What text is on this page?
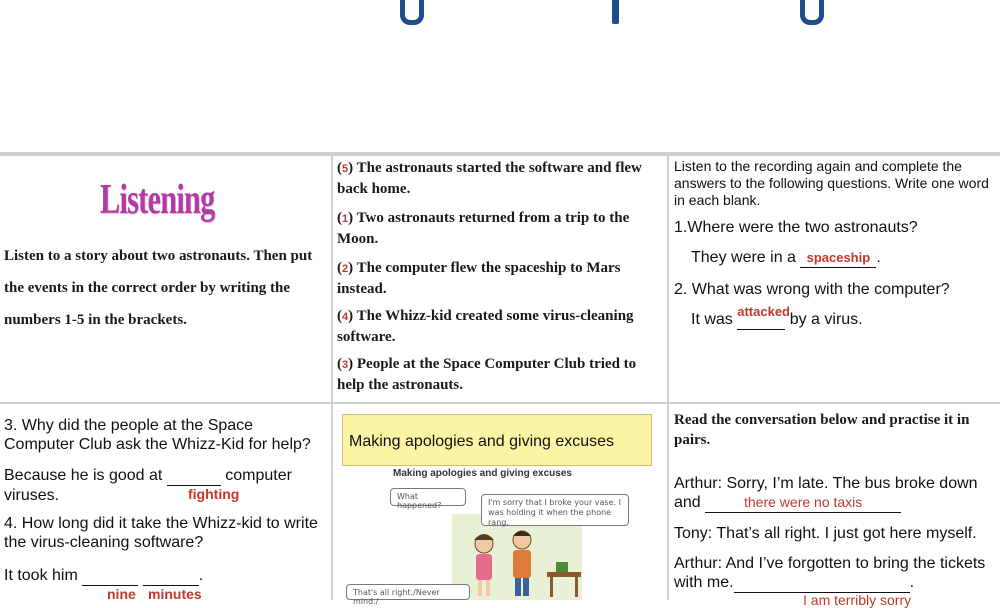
Listening
Listen to a story about two astronauts. Then put the events in the correct order by writing the numbers 1-5 in the brackets.
(5) The astronauts started the software and flew back home.
(1) Two astronauts returned from a trip to the Moon.
(2) The computer flew the spaceship to Mars instead.
(4) The Whizz-kid created some virus-cleaning software.
(3) People at the Space Computer Club tried to help the astronauts.
Listen to the recording again and complete the answers to the following questions. Write one word in each blank.
1.Where were the two astronauts?
They were in a spaceship .
2. What was wrong with the computer?
It was attacked by a virus.
3. Why did the people at the Space Computer Club ask the Whizz-Kid for help?
Because he is good at	computer viruses.	fighting
4. How long did it take the Whizz-kid to write the virus-cleaning software?
It took him	.
nine minutes
Making apologies and giving excuses
Making apologies and giving excuses
What happened?	I'm sorry that I broke your vase. I was holding it when the phone rang.
That's all right./Never mind./
Read the conversation below and practise it in pairs.
Arthur: Sorry, I’m late. The bus broke down and	there were no taxis
Tony: That’s all right. I just got here myself.
Arthur: And I’ve forgotten to bring the tickets with me.	.
I am terribly sorry
